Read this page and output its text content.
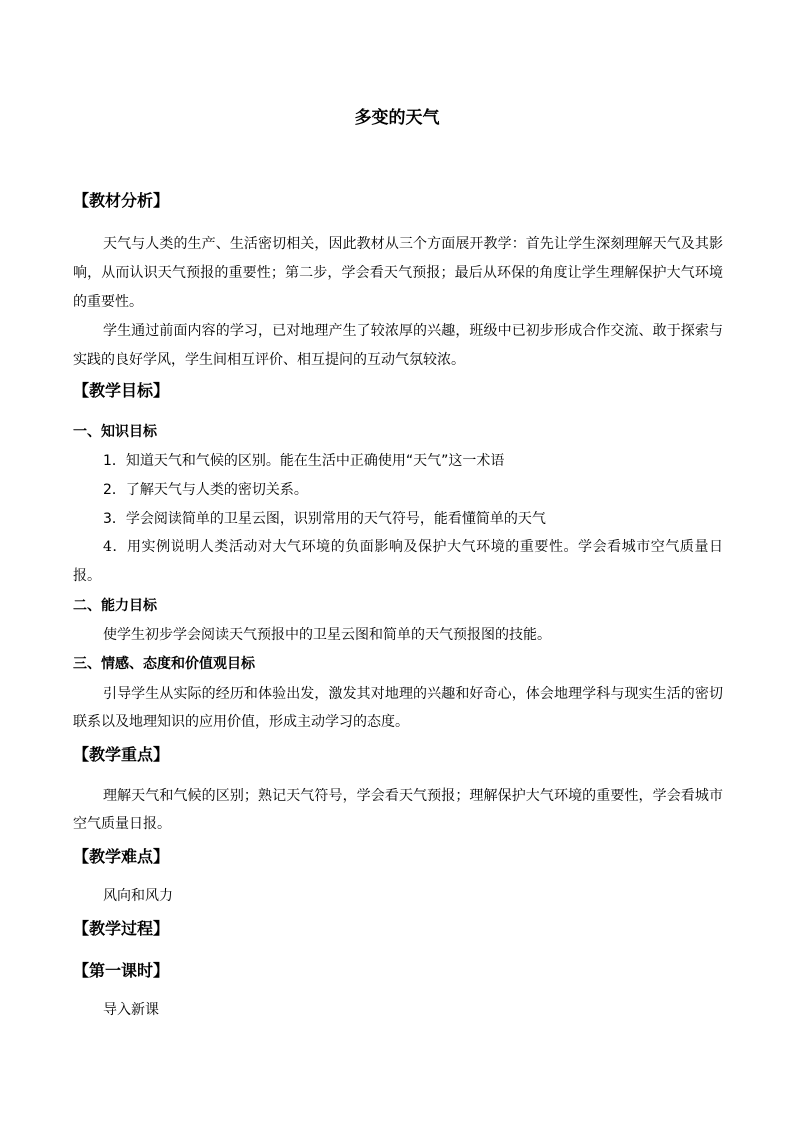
多变的天气
【教材分析】
天气与人类的生产、生活密切相关，因此教材从三个方面展开教学：首先让学生深刻理解天气及其影响，从而认识天气预报的重要性；第二步，学会看天气预报；最后从环保的角度让学生理解保护大气环境的重要性。
学生通过前面内容的学习，已对地理产生了较浓厚的兴趣，班级中已初步形成合作交流、敢于探索与实践的良好学风，学生间相互评价、相互提问的互动气氛较浓。
【教学目标】
一、知识目标
1．知道天气和气候的区别。能在生活中正确使用“天气”这一术语
2．了解天气与人类的密切关系。
3．学会阅读简单的卫星云图，识别常用的天气符号，能看懂简单的天气
4．用实例说明人类活动对大气环境的负面影响及保护大气环境的重要性。学会看城市空气质量日报。
二、能力目标
使学生初步学会阅读天气预报中的卫星云图和简单的天气预报图的技能。
三、情感、态度和价值观目标
引导学生从实际的经历和体验出发，激发其对地理的兴趣和好奇心，体会地理学科与现实生活的密切联系以及地理知识的应用价值，形成主动学习的态度。
【教学重点】
理解天气和气候的区别；熟记天气符号，学会看天气预报；理解保护大气环境的重要性，学会看城市空气质量日报。
【教学难点】
风向和风力
【教学过程】
【第一课时】
导入新课
